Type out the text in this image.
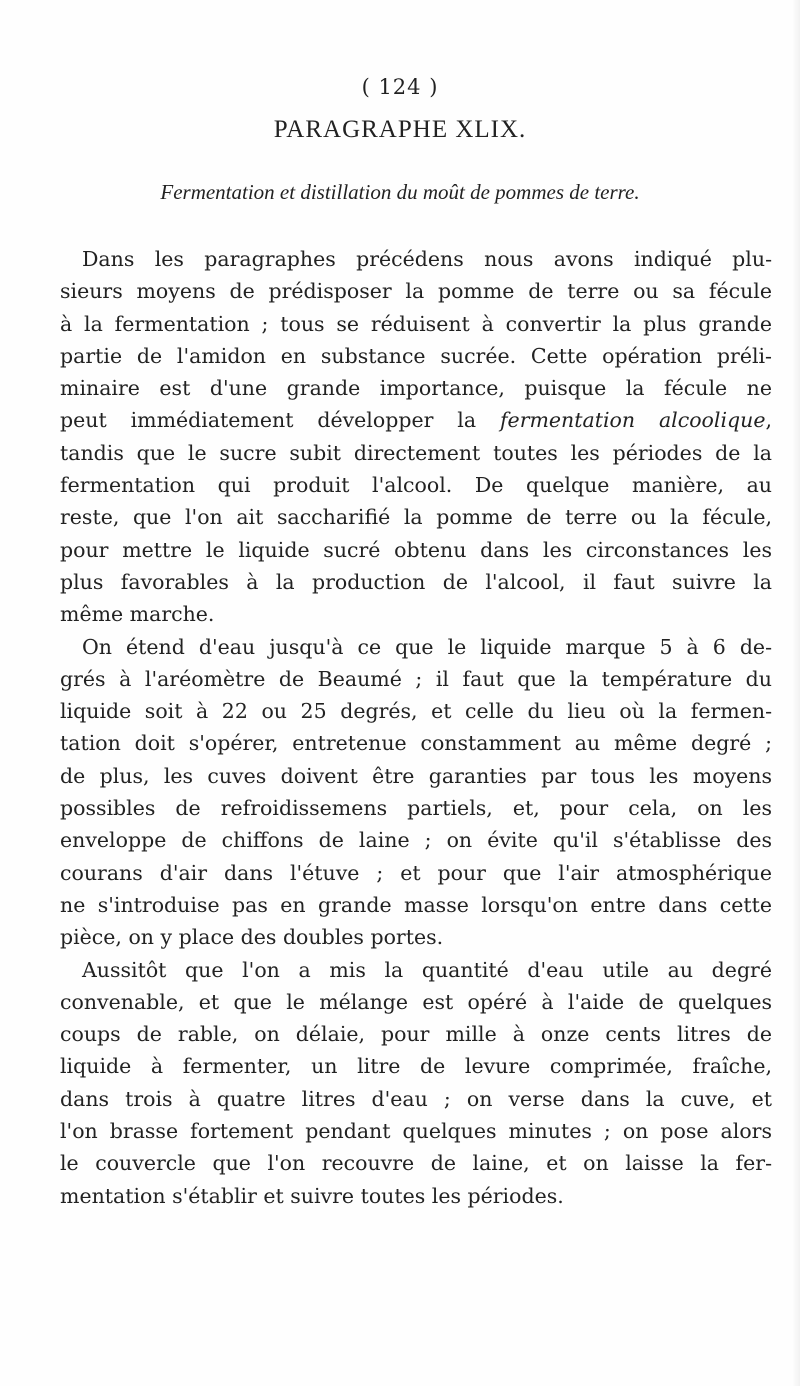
( 124 )
PARAGRAPHE XLIX.
Fermentation et distillation du moût de pommes de terre.
Dans les paragraphes précédens nous avons indiqué plu-
sieurs moyens de prédisposer la pomme de terre ou sa fécule
à la fermentation ; tous se réduisent à convertir la plus grande
partie de l'amidon en substance sucrée. Cette opération préli-
minaire est d'une grande importance, puisque la fécule ne
peut immédiatement développer la fermentation alcoolique,
tandis que le sucre subit directement toutes les périodes de la
fermentation qui produit l'alcool. De quelque manière, au
reste, que l'on ait saccharifié la pomme de terre ou la fécule,
pour mettre le liquide sucré obtenu dans les circonstances les
plus favorables à la production de l'alcool, il faut suivre la
même marche.
On étend d'eau jusqu'à ce que le liquide marque 5 à 6 de-
grés à l'aréomètre de Beaumé ; il faut que la température du
liquide soit à 22 ou 25 degrés, et celle du lieu où la fermen-
tation doit s'opérer, entretenue constamment au même degré ;
de plus, les cuves doivent être garanties par tous les moyens
possibles de refroidissemens partiels, et, pour cela, on les
enveloppe de chiffons de laine ; on évite qu'il s'établisse des
courans d'air dans l'étuve ; et pour que l'air atmosphérique
ne s'introduise pas en grande masse lorsqu'on entre dans cette
pièce, on y place des doubles portes.
Aussitôt que l'on a mis la quantité d'eau utile au degré
convenable, et que le mélange est opéré à l'aide de quelques
coups de rable, on délaie, pour mille à onze cents litres de
liquide à fermenter, un litre de levure comprimée, fraîche,
dans trois à quatre litres d'eau ; on verse dans la cuve, et
l'on brasse fortement pendant quelques minutes ; on pose alors
le couvercle que l'on recouvre de laine, et on laisse la fer-
mentation s'établir et suivre toutes les périodes.
